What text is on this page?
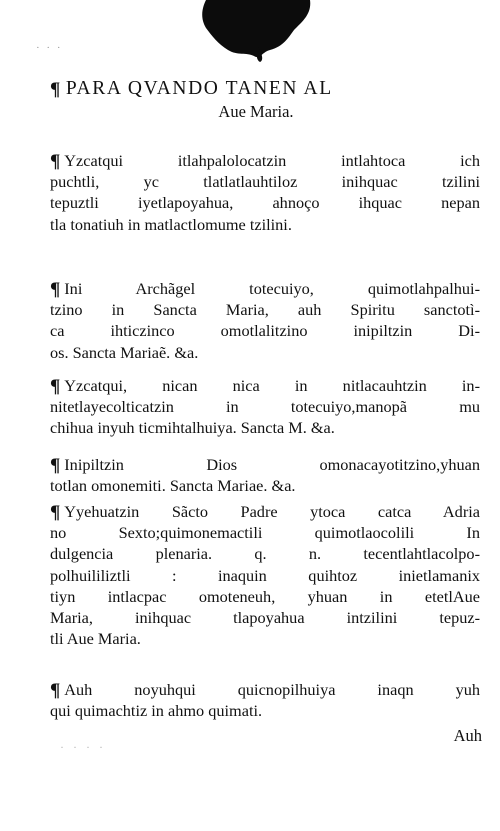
· · ·
¶ PARA QVANDO TANEN AL
Aue Maria.
¶ Yzcatqui itlahpalolocatzin intlahtoca ich
puchtli, yc tlatlatlauhtiloz inihquac tzilini
tepuztli iyetlapoyahua, ahnoço ihquac nepan
tla tonatiuh in matlactlomume tzilini.
¶ Ini Archãgel totecuiyo, quimotlahpalhui-
tzino in Sancta Maria, auh Spiritu sanctotì-
ca ihticzinco omotlalitzino inipiltzin Di-
os. Sancta Mariaẽ. &a.
¶ Yzcatqui, nican nica in nitlacauhtzin in-
nitetlayecolticatzin in totecuiyo,manopã mu
chihua inyuh ticmihtalhuiya. Sancta M. &a.
¶ Inipiltzin Dios omonacayotitzino,yhuan
totlan omonemiti. Sancta Mariae. &a.
¶ Yyehuatzin Sãcto Padre ytoca catca Adria
no Sexto;quimonemactili quimotlaocolili In
dulgencia plenaria. q. n. tecentlahtlacolpo-
polhuililiztli : inaquin quihtoz inietlamanix
tiyn intlacpac omoteneuh, yhuan in etetlAue
Maria, inihquac tlapoyahua intzilini tepuz-
tli Aue Maria.
¶ Auh noyuhqui quicnopilhuiya inaqn yuh
qui quimachtiz in ahmo quimati.
Auh
· · · ·
